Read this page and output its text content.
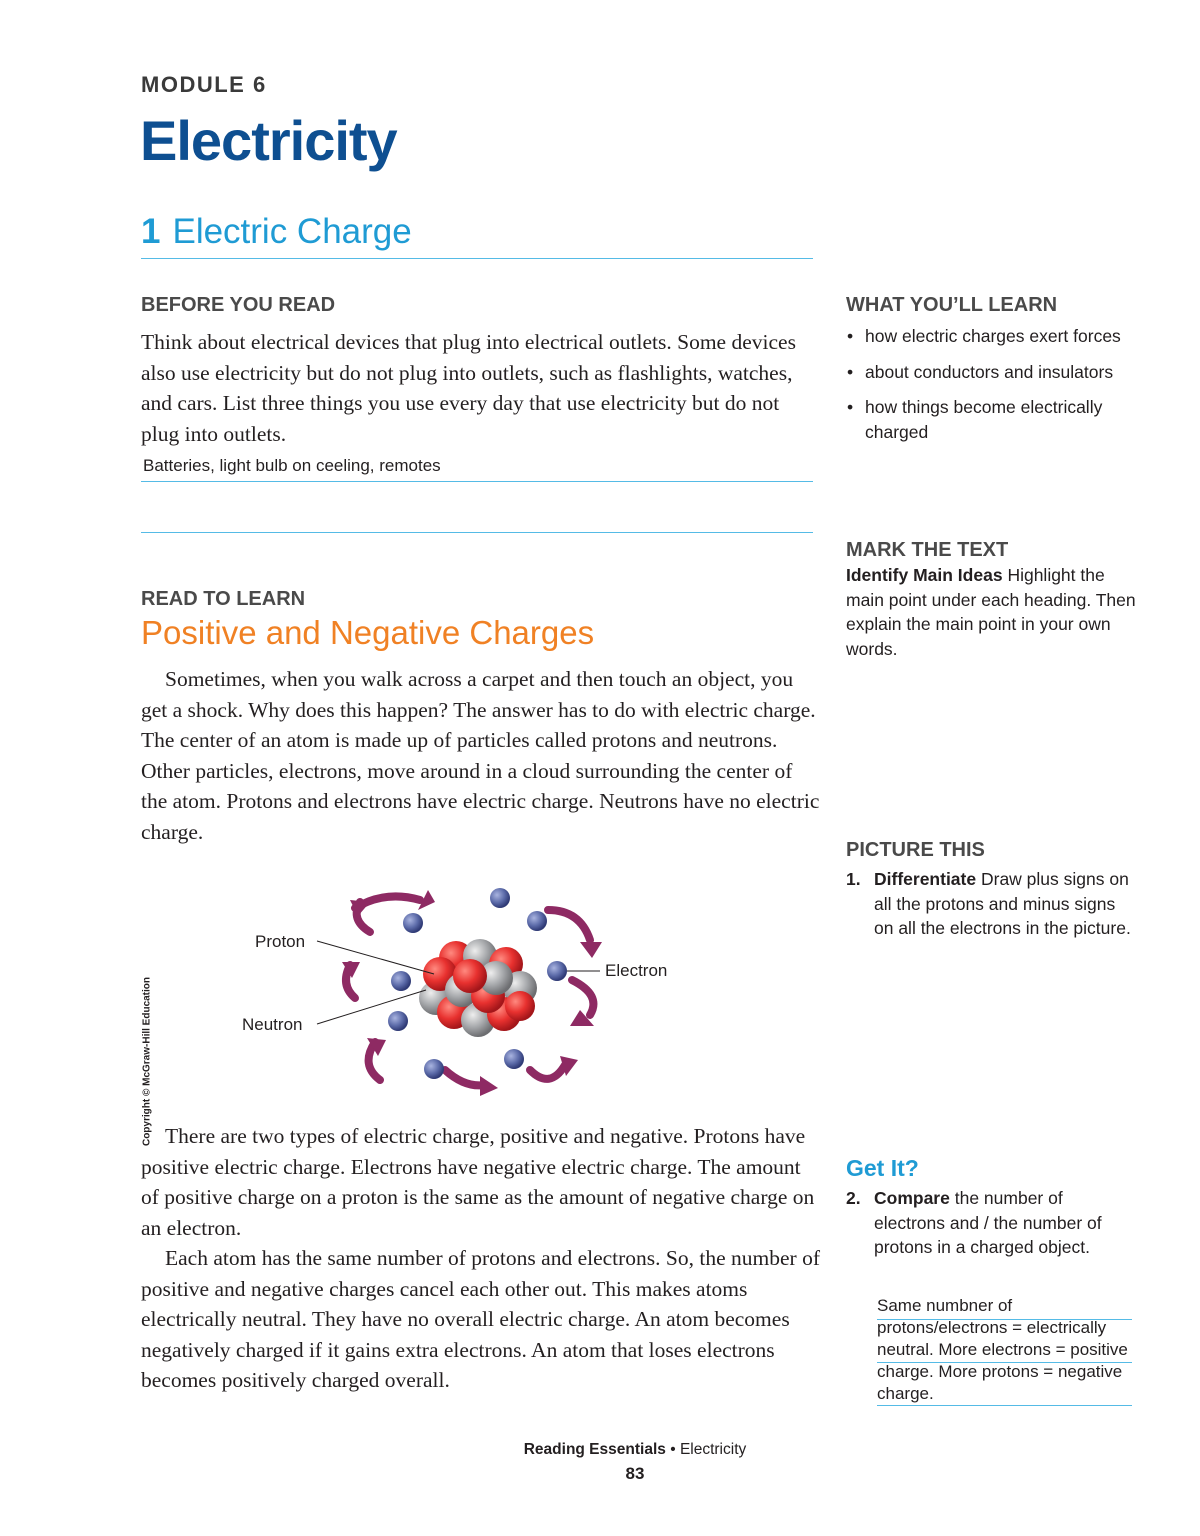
MODULE 6
Electricity
1 Electric Charge
BEFORE YOU READ
Think about electrical devices that plug into electrical outlets. Some devices also use electricity but do not plug into outlets, such as flashlights, watches, and cars. List three things you use every day that use electricity but do not plug into outlets.
Batteries, light bulb on ceeling, remotes
READ TO LEARN
Positive and Negative Charges

Sometimes, when you walk across a carpet and then touch an object, you get a shock. Why does this happen? The answer has to do with electric charge. The center of an atom is made up of particles called protons and neutrons. Other particles, electrons, move around in a cloud surrounding the center of the atom. Protons and electrons have electric charge. Neutrons have no electric charge.

Proton
Neutron
Electron

There are two types of electric charge, positive and negative. Protons have positive electric charge. Electrons have negative electric charge. The amount of positive charge on a proton is the same as the amount of negative charge on an electron.

Each atom has the same number of protons and electrons. So, the number of positive and negative charges cancel each other out. This makes atoms electrically neutral. They have no overall electric charge. An atom becomes negatively charged if it gains extra electrons. An atom that loses electrons becomes positively charged overall.

WHAT YOU’LL LEARN
• how electric charges exert forces
• about conductors and insulators
• how things become electrically charged
MARK THE TEXT
Identify Main Ideas Highlight the main point under each heading. Then explain the main point in your own words.
PICTURE THIS
1. Differentiate Draw plus signs on all the protons and minus signs on all the electrons in the picture.
Get It?
2. Compare the number of electrons and / the number of protons in a charged object.
Same numbner of protons/electrons = electrically neutral. More electrons = positive charge. More protons = negative charge.
Copyright © McGraw-Hill Education
Reading Essentials • Electricity
83
